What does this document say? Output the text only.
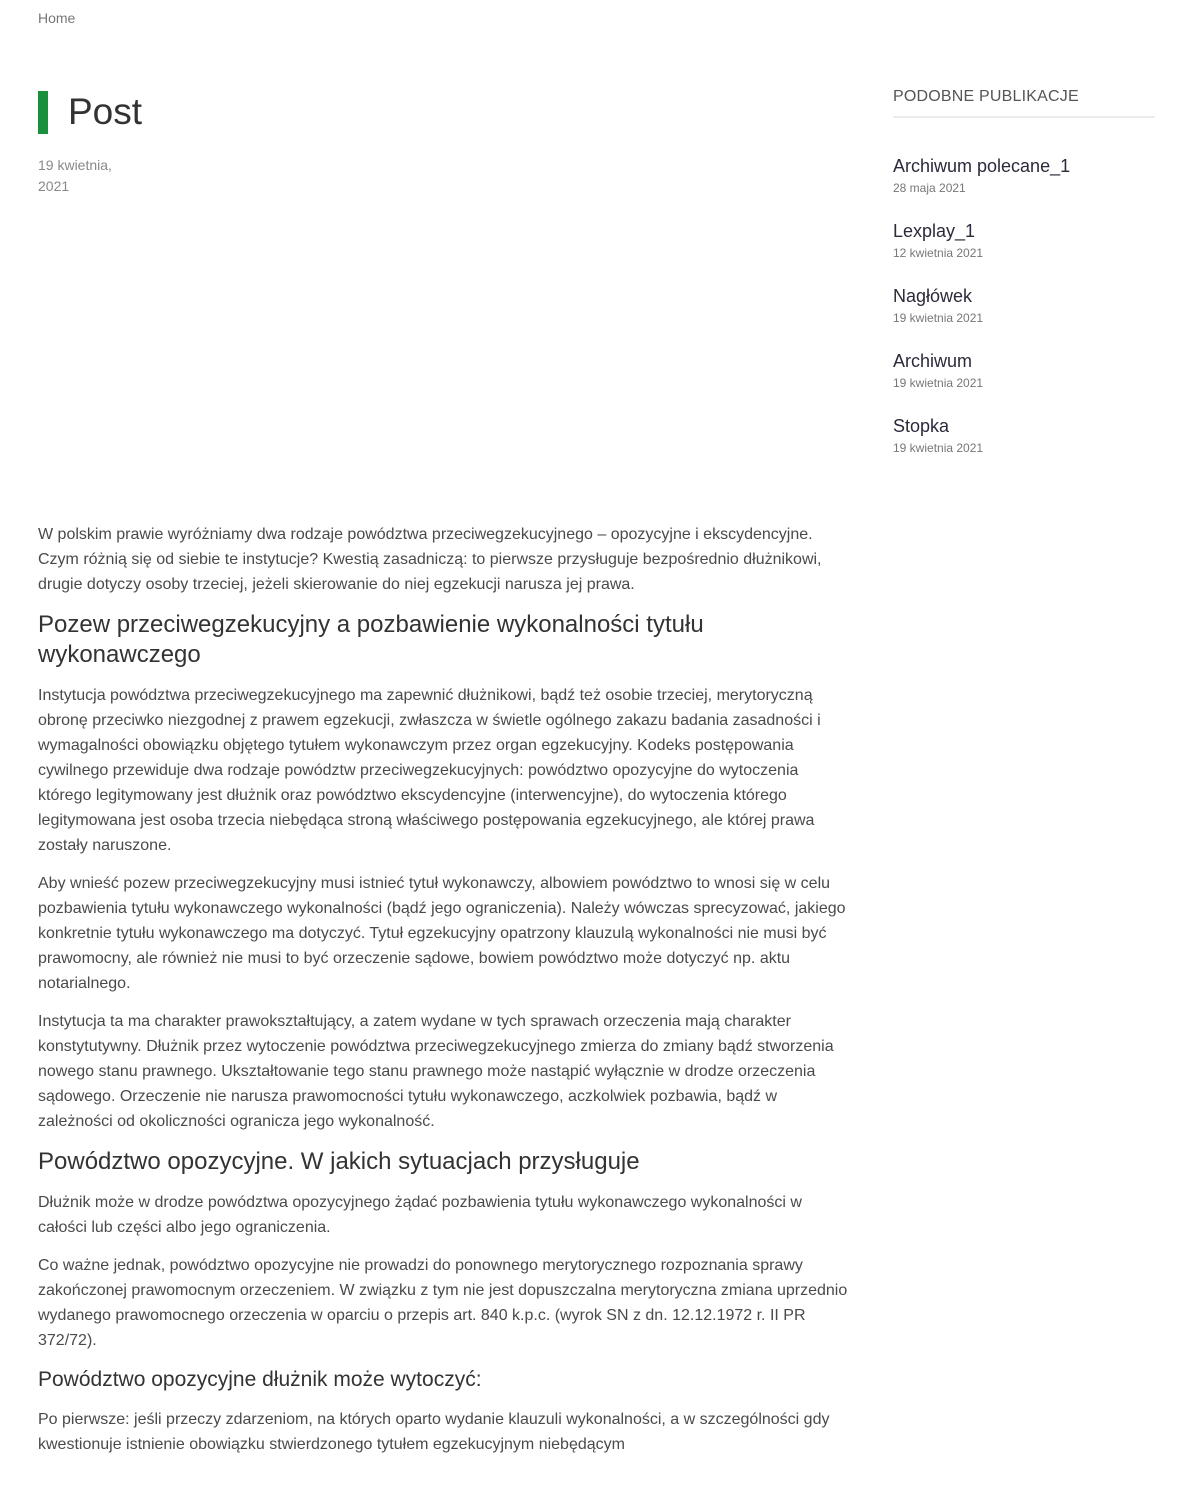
Home
Post
19 kwietnia, 2021

W polskim prawie wyróżniamy dwa rodzaje powództwa przeciwegzekucyjnego – opozycyjne i ekscydencyjne. Czym różnią się od siebie te instytucje? Kwestią zasadniczą: to pierwsze przysługuje bezpośrednio dłużnikowi, drugie dotyczy osoby trzeciej, jeżeli skierowanie do niej egzekucji narusza jej prawa.

Pozew przeciwegzekucyjny a pozbawienie wykonalności tytułu wykonawczego

Instytucja powództwa przeciwegzekucyjnego ma zapewnić dłużnikowi, bądź też osobie trzeciej, merytoryczną obronę przeciwko niezgodnej z prawem egzekucji, zwłaszcza w świetle ogólnego zakazu badania zasadności i wymagalności obowiązku objętego tytułem wykonawczym przez organ egzekucyjny. Kodeks postępowania cywilnego przewiduje dwa rodzaje powództw przeciwegzekucyjnych: powództwo opozycyjne do wytoczenia którego legitymowany jest dłużnik oraz powództwo ekscydencyjne (interwencyjne), do wytoczenia którego legitymowana jest osoba trzecia niebędąca stroną właściwego postępowania egzekucyjnego, ale której prawa zostały naruszone.

Aby wnieść pozew przeciwegzekucyjny musi istnieć tytuł wykonawczy, albowiem powództwo to wnosi się w celu pozbawienia tytułu wykonawczego wykonalności (bądź jego ograniczenia). Należy wówczas sprecyzować, jakiego konkretnie tytułu wykonawczego ma dotyczyć. Tytuł egzekucyjny opatrzony klauzulą wykonalności nie musi być prawomocny, ale również nie musi to być orzeczenie sądowe, bowiem powództwo może dotyczyć np. aktu notarialnego.

Instytucja ta ma charakter prawokształtujący, a zatem wydane w tych sprawach orzeczenia mają charakter konstytutywny. Dłużnik przez wytoczenie powództwa przeciwegzekucyjnego zmierza do zmiany bądź stworzenia nowego stanu prawnego. Ukształtowanie tego stanu prawnego może nastąpić wyłącznie w drodze orzeczenia sądowego. Orzeczenie nie narusza prawomocności tytułu wykonawczego, aczkolwiek pozbawia, bądź w zależności od okoliczności ogranicza jego wykonalność.

Powództwo opozycyjne. W jakich sytuacjach przysługuje

Dłużnik może w drodze powództwa opozycyjnego żądać pozbawienia tytułu wykonawczego wykonalności w całości lub części albo jego ograniczenia.

Co ważne jednak, powództwo opozycyjne nie prowadzi do ponownego merytorycznego rozpoznania sprawy zakończonej prawomocnym orzeczeniem. W związku z tym nie jest dopuszczalna merytoryczna zmiana uprzednio wydanego prawomocnego orzeczenia w oparciu o przepis art. 840 k.p.c. (wyrok SN z dn. 12.12.1972 r. II PR 372/72).

Powództwo opozycyjne dłużnik może wytoczyć:

Po pierwsze: jeśli przeczy zdarzeniom, na których oparto wydanie klauzuli wykonalności, a w szczególności gdy kwestionuje istnienie obowiązku stwierdzonego tytułem egzekucyjnym niebędącym

PODOBNE PUBLIKACJE
Archiwum polecane_1
28 maja 2021
Lexplay_1
12 kwietnia 2021
Nagłówek
19 kwietnia 2021
Archiwum
19 kwietnia 2021
Stopka
19 kwietnia 2021
